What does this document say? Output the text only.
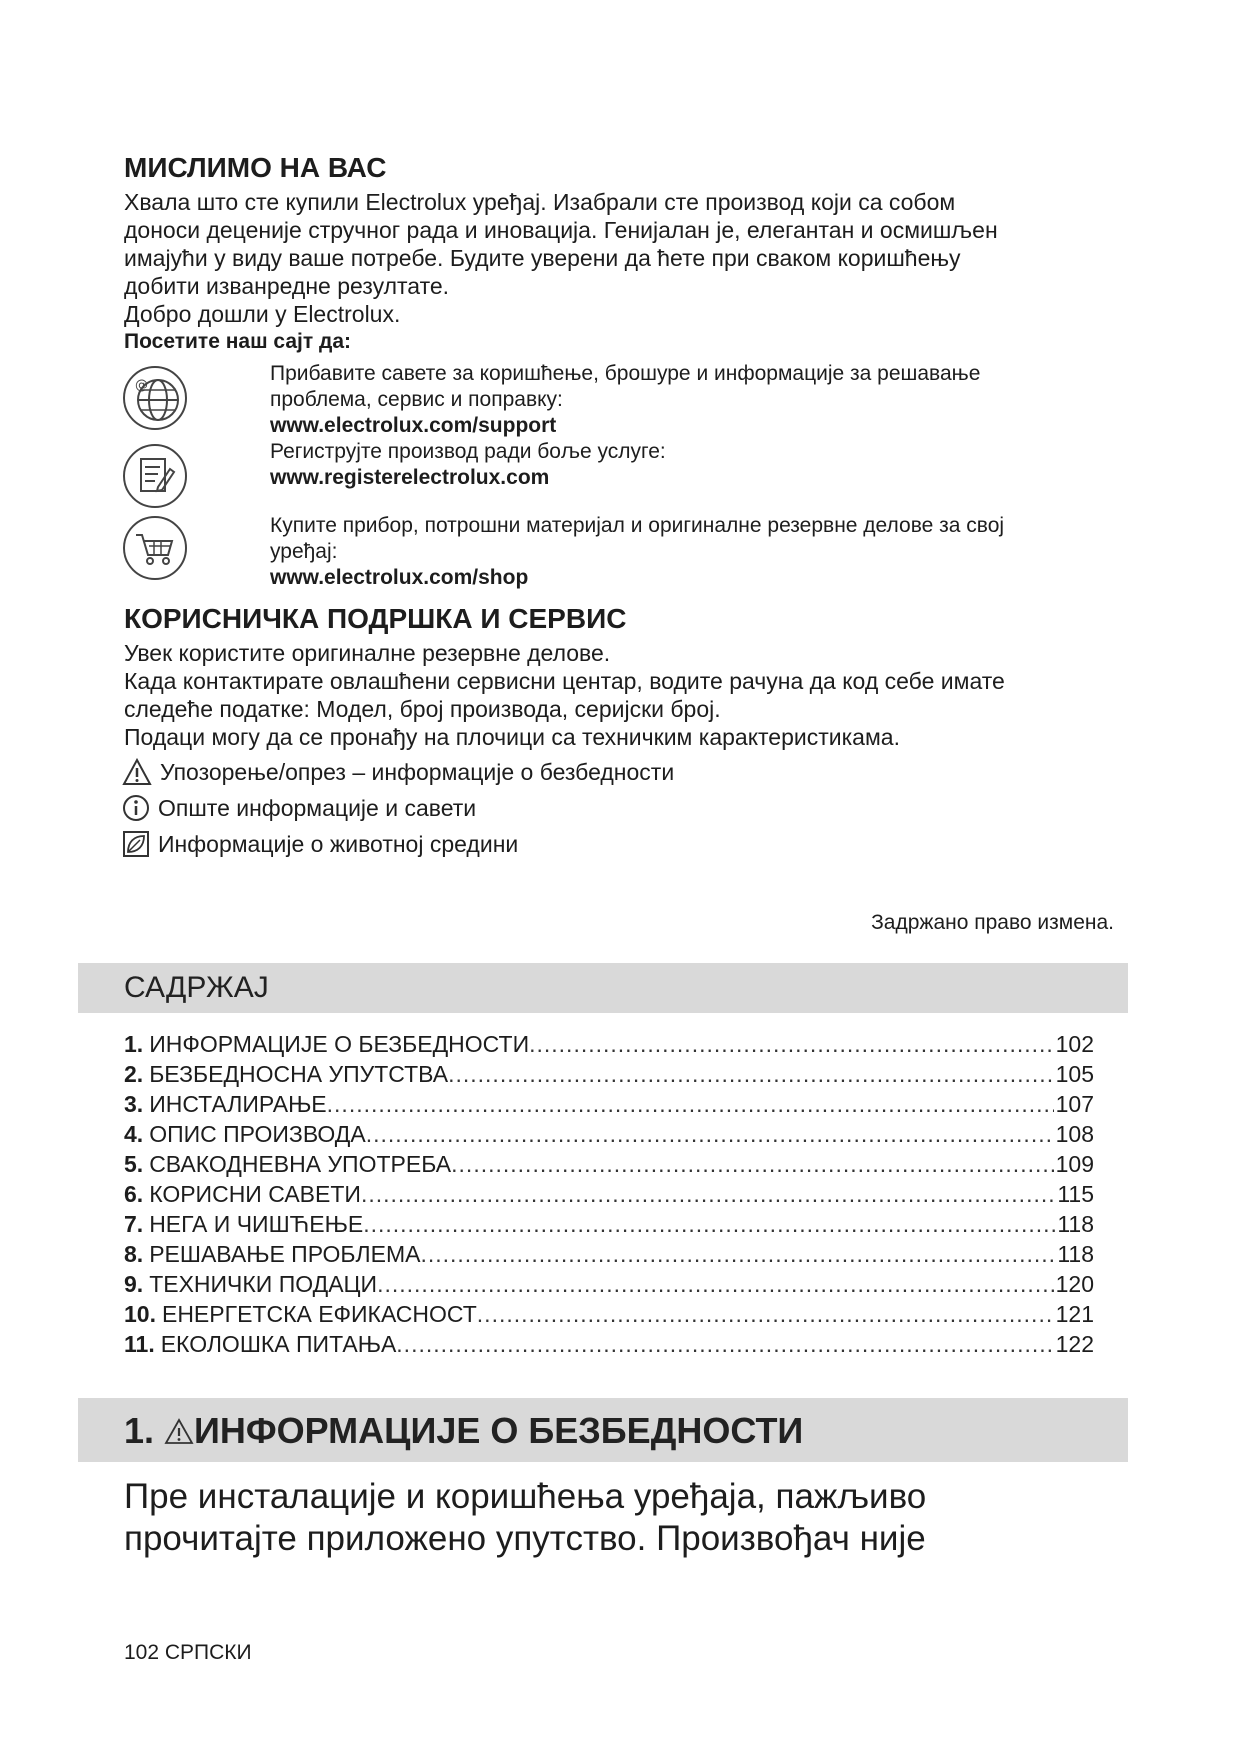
МИСЛИМО НА ВАС

Хвала што сте купили Electrolux уређај. Изабрали сте производ који са собом

доноси деценије стручног рада и иновација. Генијалан је, елегантан и осмишљен

имајући у виду ваше потребе. Будите уверени да ћете при сваком коришћењу

добити изванредне резултате.

Добро дошли у Electrolux.

Посетите наш сајт да:

@
Прибавите савете за коришћење, брошуре и информације за решавање
проблема, сервис и поправку:
www.electrolux.com/support
Региструјте производ ради боље услуге:
www.registerelectrolux.com
Купите прибор, потрошни материјал и оригиналне резервне делове за свој
уређај:
www.electrolux.com/shop
КОРИСНИЧКА ПОДРШКА И СЕРВИС

Увек користите оригиналне резервне делове.

Када контактирате овлашћени сервисни центар, водите рачуна да код себе имате

следеће податке: Модел, број производа, серијски број.

Подаци могу да се пронађу на плочици са техничким карактеристикама.

Упозорење/опрез – информације о безбедности
Опште информације и савети
Информације о животној средини
Задржано право измена.
САДРЖАЈ
1. ИНФОРМАЦИЈЕ О БЕЗБЕДНОСТИ .....	102
2. БЕЗБЕДНОСНА УПУТСТВА .....	105
3. ИНСТАЛИРАЊЕ .....	107
4. ОПИС ПРОИЗВОДА .....	108
5. СВАКОДНЕВНА УПОТРЕБА .....	109
6. КОРИСНИ САВЕТИ .....	115
7. НЕГА И ЧИШЋЕЊЕ .....	118
8. РЕШАВАЊЕ ПРОБЛЕМА .....	118
9. ТЕХНИЧКИ ПОДАЦИ .....	120
10. ЕНЕРГЕТСКА ЕФИКАСНОСТ .....	121
11. ЕКОЛОШКА ПИТАЊА .....	122
1. ИНФОРМАЦИЈЕ О БЕЗБЕДНОСТИ
Пре инсталације и коришћења уређаја, пажљиво
прочитајте приложено упутство. Произвођач није
102 СРПСКИ
